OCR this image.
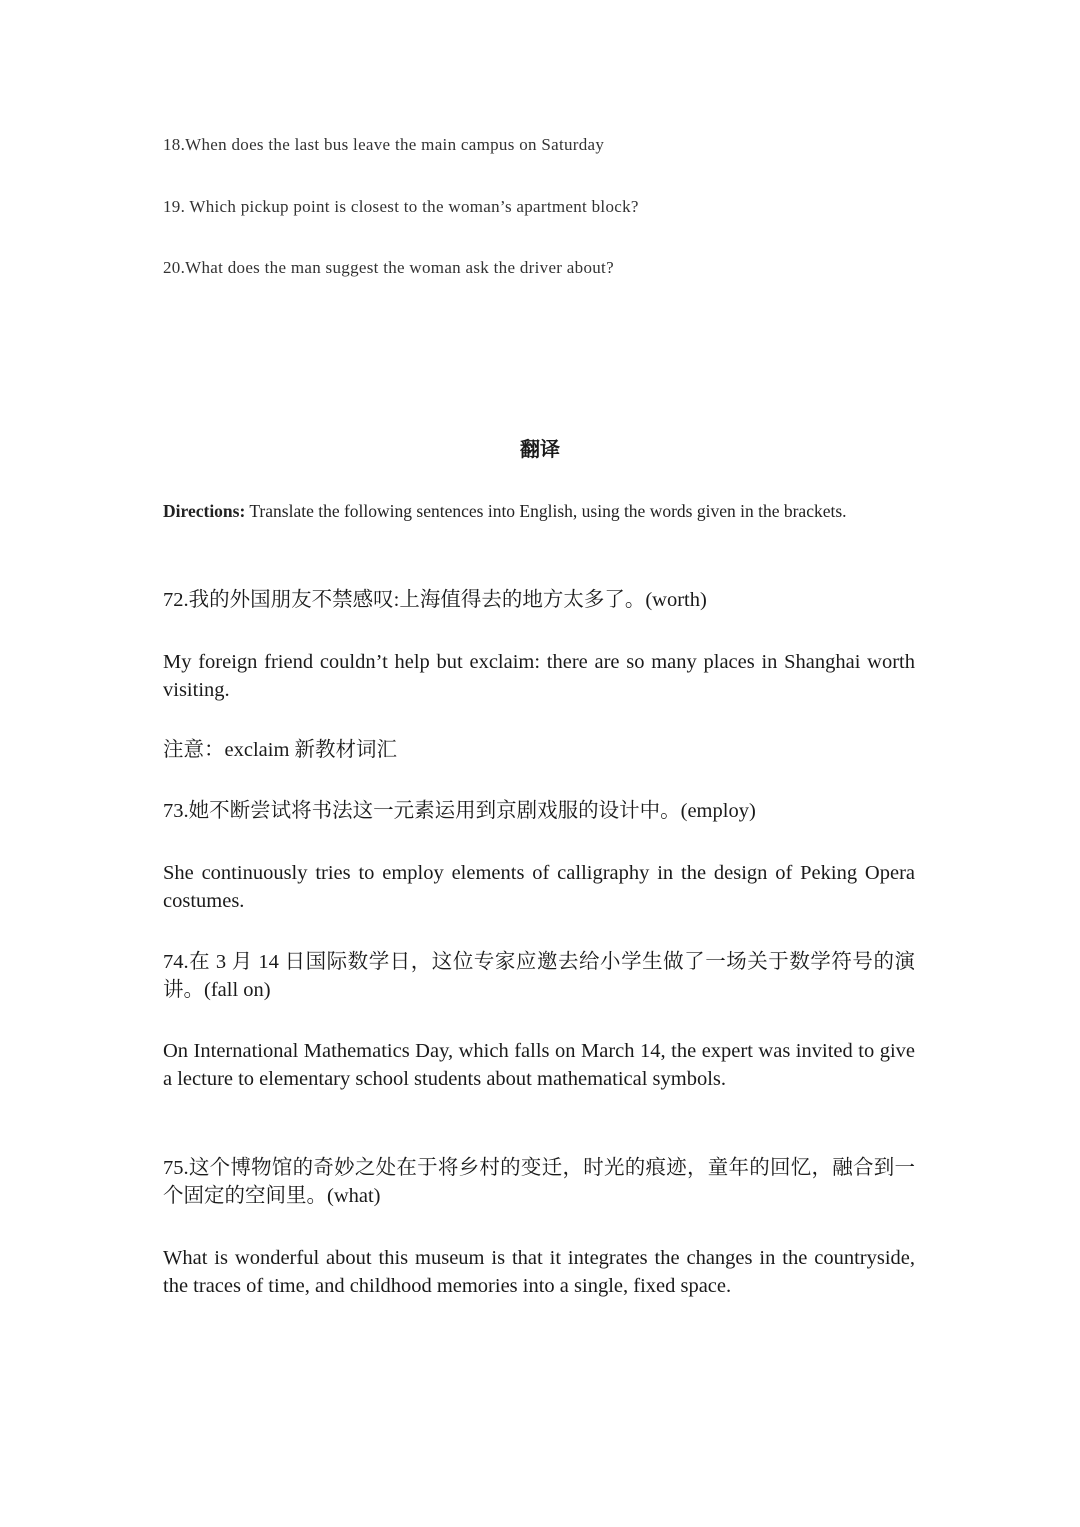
18.When does the last bus leave the main campus on Saturday
19. Which pickup point is closest to the woman’s apartment block?
20.What does the man suggest the woman ask the driver about?
翻译
Directions: Translate the following sentences into English, using the words given in the brackets.
72.我的外国朋友不禁感叹:上海值得去的地方太多了。(worth)
My foreign friend couldn’t help but exclaim: there are so many places in Shanghai worth visiting.
注意：exclaim 新教材词汇
73.她不断尝试将书法这一元素运用到京剧戏服的设计中。(employ)
She continuously tries to employ elements of calligraphy in the design of Peking Opera costumes.
74.在 3 月 14 日国际数学日，这位专家应邀去给小学生做了一场关于数学符号的演讲。(fall on)
On International Mathematics Day, which falls on March 14, the expert was invited to give a lecture to elementary school students about mathematical symbols.
75.这个博物馆的奇妙之处在于将乡村的变迁，时光的痕迹，童年的回忆，融合到一个固定的空间里。(what)
What is wonderful about this museum is that it integrates the changes in the countryside, the traces of time, and childhood memories into a single, fixed space.
